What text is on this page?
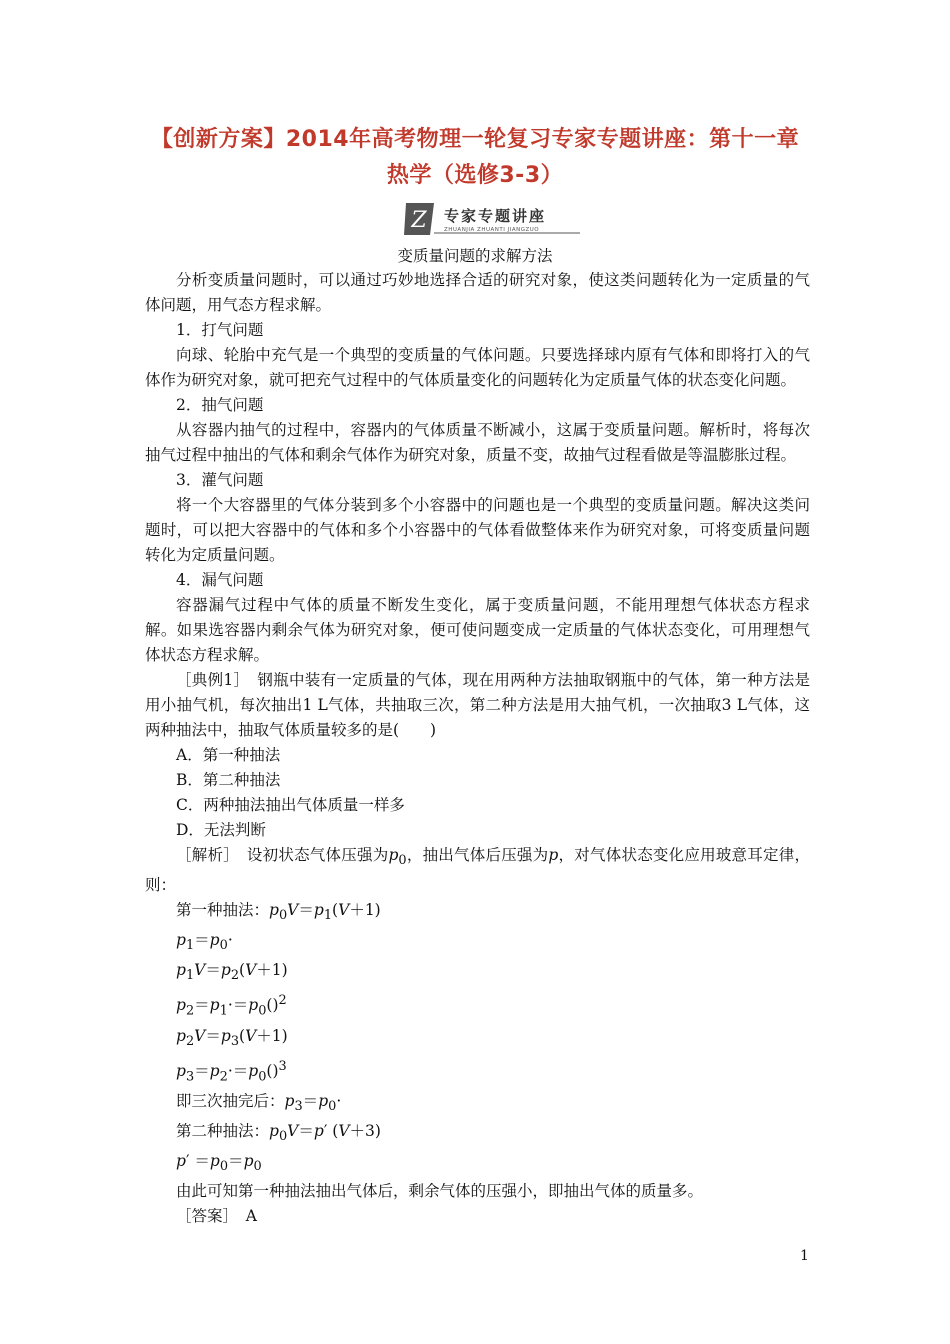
【创新方案】2014年高考物理一轮复习专家专题讲座：第十一章
热学（选修3-3）
Z 专家专题讲座
ZHUANJIA ZHUANTI JIANGZUO
变质量问题的求解方法

分析变质量问题时，可以通过巧妙地选择合适的研究对象，使这类问题转化为一定质量的气体问题，用气态方程求解。

1．打气问题

向球、轮胎中充气是一个典型的变质量的气体问题。只要选择球内原有气体和即将打入的气体作为研究对象，就可把充气过程中的气体质量变化的问题转化为定质量气体的状态变化问题。

2．抽气问题

从容器内抽气的过程中，容器内的气体质量不断减小，这属于变质量问题。解析时，将每次抽气过程中抽出的气体和剩余气体作为研究对象，质量不变，故抽气过程看做是等温膨胀过程。

3．灌气问题

将一个大容器里的气体分装到多个小容器中的问题也是一个典型的变质量问题。解决这类问题时，可以把大容器中的气体和多个小容器中的气体看做整体来作为研究对象，可将变质量问题转化为定质量问题。

4．漏气问题

容器漏气过程中气体的质量不断发生变化，属于变质量问题，不能用理想气体状态方程求解。如果选容器内剩余气体为研究对象，便可使问题变成一定质量的气体状态变化，可用理想气体状态方程求解。

［典例1］　钢瓶中装有一定质量的气体，现在用两种方法抽取钢瓶中的气体，第一种方法是用小抽气机，每次抽出1 L气体，共抽取三次，第二种方法是用大抽气机，一次抽取3 L气体，这两种抽法中，抽取气体质量较多的是(　　)

A．第一种抽法

B．第二种抽法

C．两种抽法抽出气体质量一样多

D．无法判断

［解析］　设初状态气体压强为$p_0$，抽出气体后压强为p，对气体状态变化应用玻意耳定律，则：

第一种抽法：$p_0V=p_1(V+1)$

$p_1=p_0\cdot$

$p_1V=p_2(V+1)$

$p_2=p_1\cdot=p_0()^2$

$p_2V=p_3(V+1)$

$p_3=p_2\cdot=p_0()^3$

即三次抽完后：$p_3=p_0\cdot$

第二种抽法：$p_0V=p'$ (V＋3)

$p' =p_0=p_0$

由此可知第一种抽法抽出气体后，剩余气体的压强小，即抽出气体的质量多。

［答案］　A

1
